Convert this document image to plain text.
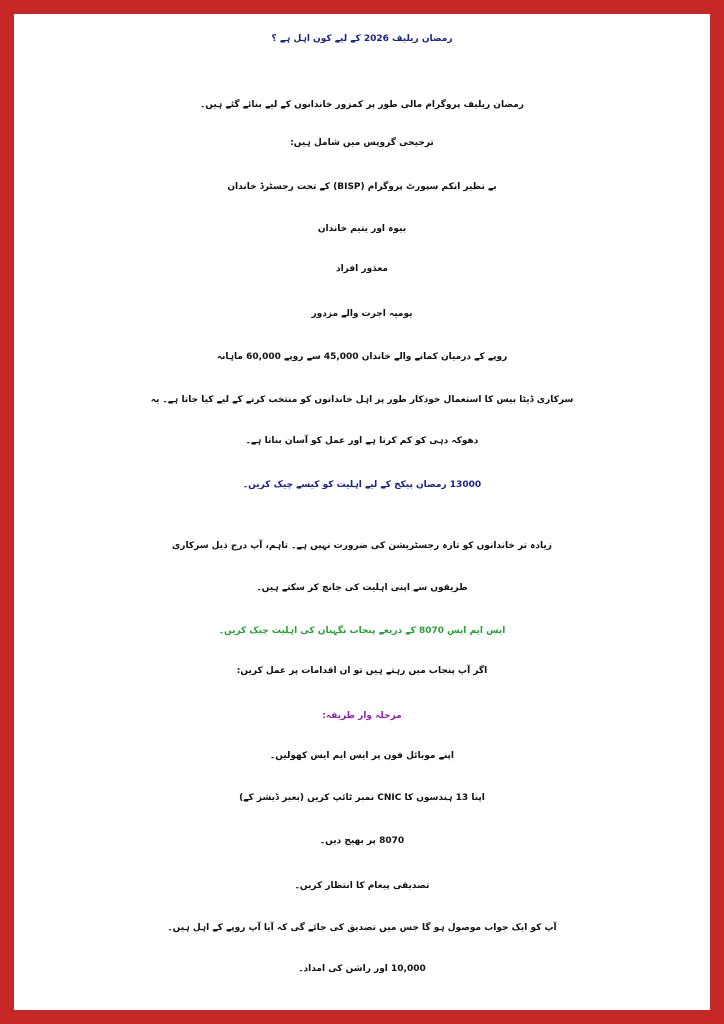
رمضان ریلیف 2026 کے لیے کون اہل ہے ؟
رمضان ریلیف پروگرام مالی طور پر کمزور خاندانوں کے لیے بنائے گئے ہیں۔
ترجیحی گروپس میں شامل ہیں:
بے نظیر انکم سپورٹ پروگرام (BISP) کے تحت رجسٹرڈ خاندان
بیوہ اور یتیم خاندان
معذور افراد
یومیہ اجرت والے مزدور
روپے کے درمیان کمانے والے خاندان 45,000 سے روپے 60,000 ماہانہ
سرکاری ڈیٹا بیس کا استعمال خودکار طور پر اہل خاندانوں کو منتخب کرنے کے لیے کیا جاتا ہے۔ یہ
دھوکہ دہی کو کم کرتا ہے اور عمل کو آسان بناتا ہے۔
13000 رمضان پیکج کے لیے اہلیت کو کیسے چیک کریں۔
زیادہ تر خاندانوں کو تازہ رجسٹریشن کی ضرورت نہیں ہے۔ تاہم، آپ درج ذیل سرکاری
طریقوں سے اپنی اہلیت کی جانچ کر سکتے ہیں۔
ایس ایم ایس 8070 کے ذریعے پنجاب نگہبان کی اہلیت چیک کریں۔
اگر آپ پنجاب میں رہتے ہیں تو ان اقدامات پر عمل کریں:
مرحلہ وار طریقہ:
اپنے موبائل فون پر ایس ایم ایس کھولیں۔
اپنا 13 ہندسوں کا CNIC نمبر ٹائپ کریں (بغیر ڈیشز کے)
8070 پر بھیج دیں۔
تصدیقی پیغام کا انتظار کریں۔
آپ کو ایک جواب موصول ہو گا جس میں تصدیق کی جائے گی کہ آیا آپ روپے کے اہل ہیں۔
10,000 اور راشن کی امداد۔
